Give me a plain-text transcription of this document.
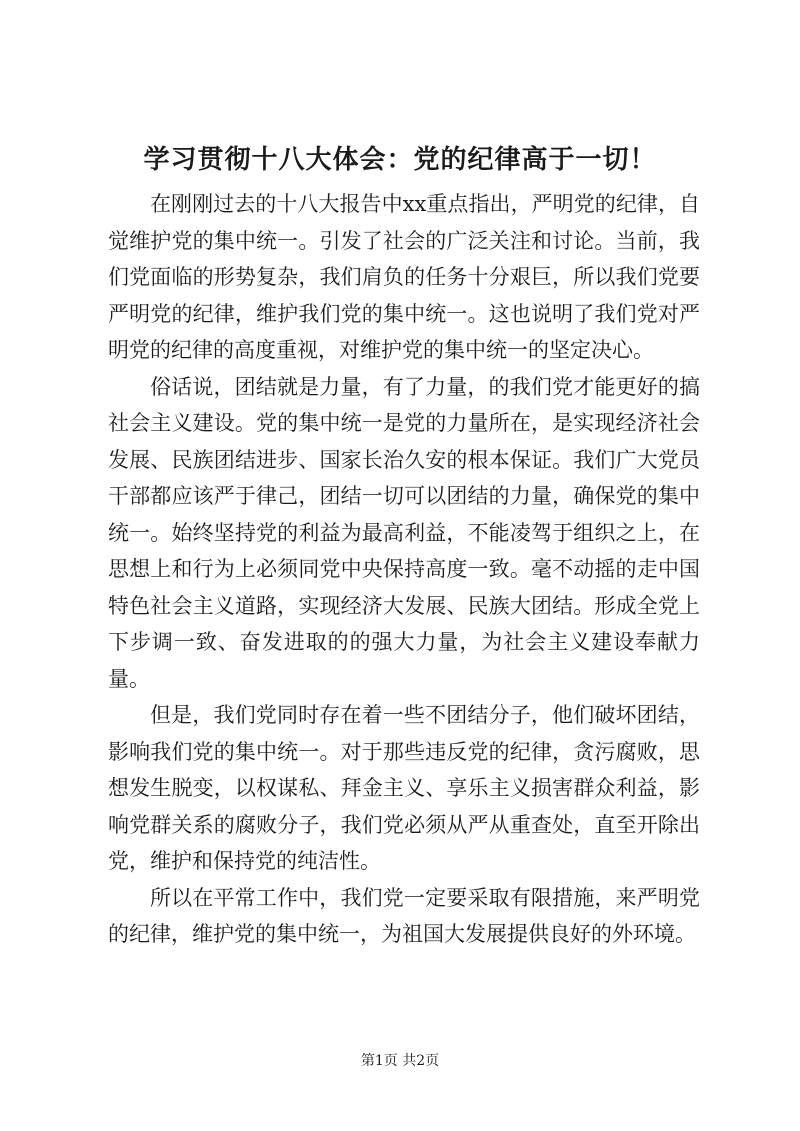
学习贯彻十八大体会：党的纪律高于一切！

在刚刚过去的十八大报告中xx重点指出，严明党的纪律，自觉维护党的集中统一。引发了社会的广泛关注和讨论。当前，我们党面临的形势复杂，我们肩负的任务十分艰巨，所以我们党要严明党的纪律，维护我们党的集中统一。这也说明了我们党对严明党的纪律的高度重视，对维护党的集中统一的坚定决心。

俗话说，团结就是力量，有了力量，的我们党才能更好的搞社会主义建设。党的集中统一是党的力量所在，是实现经济社会发展、民族团结进步、国家长治久安的根本保证。我们广大党员干部都应该严于律己，团结一切可以团结的力量，确保党的集中统一。始终坚持党的利益为最高利益，不能凌驾于组织之上，在思想上和行为上必须同党中央保持高度一致。毫不动摇的走中国特色社会主义道路，实现经济大发展、民族大团结。形成全党上下步调一致、奋发进取的的强大力量，为社会主义建设奉献力量。

但是，我们党同时存在着一些不团结分子，他们破坏团结，影响我们党的集中统一。对于那些违反党的纪律，贪污腐败，思想发生脱变，以权谋私、拜金主义、享乐主义损害群众利益，影响党群关系的腐败分子，我们党必须从严从重查处，直至开除出党，维护和保持党的纯洁性。

所以在平常工作中，我们党一定要采取有限措施，来严明党的纪律，维护党的集中统一，为祖国大发展提供良好的外环境。

第1页 共2页
